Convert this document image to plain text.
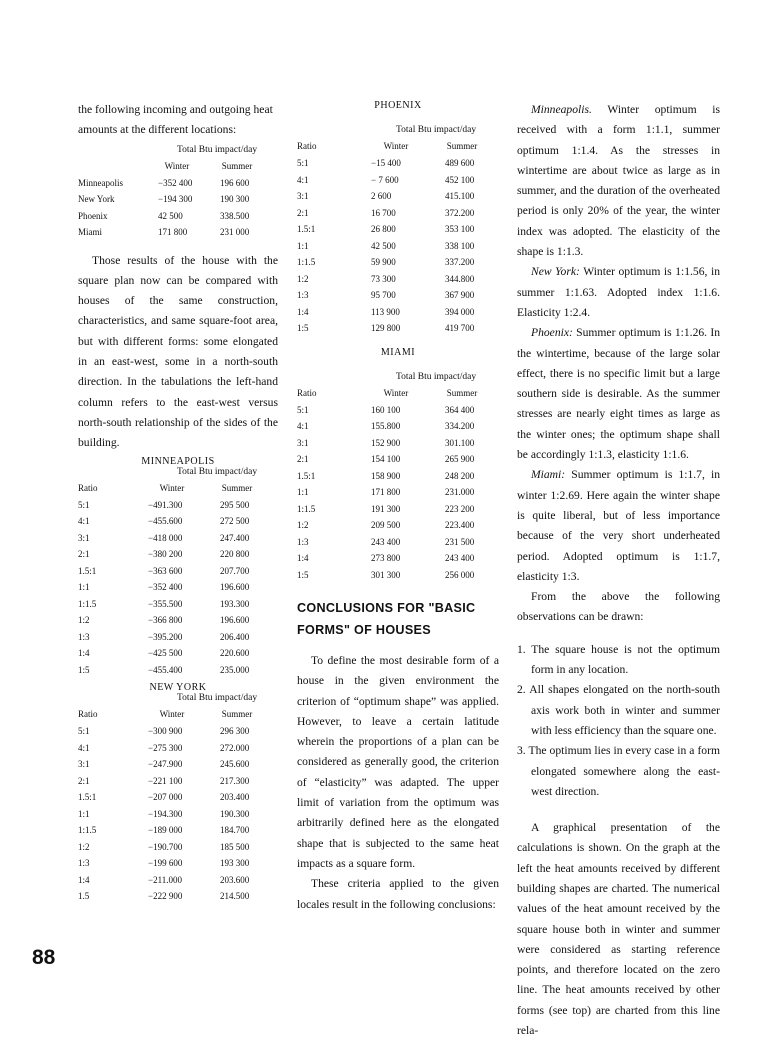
88

the following incoming and outgoing heat amounts at the different locations:

Total Btu impact/day
	Winter	Summer
Minneapolis	−352 400	196 600
New York	−194 300	190 300
Phoenix	42 500	338.500
Miami	171 800	231 000

Those results of the house with the square plan now can be compared with houses of the same construction, characteristics, and same square-foot area, but with different forms: some elongated in an east-west, some in a north-south direction. In the tabulations the left-hand column refers to the east-west versus north-south relationship of the sides of the building.

MINNEAPOLIS
Total Btu impact/day
Ratio	Winter	Summer
5:1	−491.300	295 500
4:1	−455.600	272 500
3:1	−418 000	247.400
2:1	−380 200	220 800
1.5:1	−363 600	207.700
1:1	−352 400	196.600
1:1.5	−355.500	193.300
1:2	−366 800	196.600
1:3	−395.200	206.400
1:4	−425 500	220.600
1:5	−455.400	235.000
NEW YORK
Total Btu impact/day
Ratio	Winter	Summer
5:1	−300 900	296 300
4:1	−275 300	272.000
3:1	−247.900	245.600
2:1	−221 100	217.300
1.5:1	−207 000	203.400
1:1	−194.300	190.300
1:1.5	−189 000	184.700
1:2	−190.700	185 500
1:3	−199 600	193 300
1:4	−211.000	203.600
1.5	−222 900	214.500
PHOENIX
Total Btu impact/day
Ratio	Winter	Summer
5:1	−15 400	489 600
4:1	− 7 600	452 100
3:1	2 600	415.100
2:1	16 700	372.200
1.5:1	26 800	353 100
1:1	42 500	338 100
1:1.5	59 900	337.200
1:2	73 300	344.800
1:3	95 700	367 900
1:4	113 900	394 000
1:5	129 800	419 700
MIAMI
Total Btu impact/day
Ratio	Winter	Summer
5:1	160 100	364 400
4:1	155.800	334.200
3:1	152 900	301.100
2:1	154 100	265 900
1.5:1	158 900	248 200
1:1	171 800	231.000
1:1.5	191 300	223 200
1:2	209 500	223.400
1:3	243 400	231 500
1:4	273 800	243 400
1:5	301 300	256 000
CONCLUSIONS FOR "BASIC FORMS" OF HOUSES

To define the most desirable form of a house in the given environment the criterion of “optimum shape” was applied. However, to leave a certain latitude wherein the proportions of a plan can be considered as generally good, the criterion of “elasticity” was adapted. The upper limit of variation from the optimum was arbitrarily defined here as the elongated shape that is subjected to the same heat impacts as a square form.

These criteria applied to the given locales result in the following conclusions:

Minneapolis. Winter optimum is received with a form 1:1.1, summer optimum 1:1.4. As the stresses in wintertime are about twice as large as in summer, and the duration of the overheated period is only 20% of the year, the winter index was adopted. The elasticity of the shape is 1:1.3.

New York: Winter optimum is 1:1.56, in summer 1:1.63. Adopted index 1:1.6. Elasticity 1:2.4.

Phoenix: Summer optimum is 1:1.26. In the wintertime, because of the large solar effect, there is no specific limit but a large southern side is desirable. As the summer stresses are nearly eight times as large as the winter ones; the optimum shape shall be accordingly 1:1.3, elasticity 1:1.6.

Miami: Summer optimum is 1:1.7, in winter 1:2.69. Here again the winter shape is quite liberal, but of less importance because of the very short underheated period. Adopted optimum is 1:1.7, elasticity 1:3.

From the above the following observations can be drawn:

1. The square house is not the optimum form in any location.

2. All shapes elongated on the north-south axis work both in winter and summer with less efficiency than the square one.

3. The optimum lies in every case in a form elongated somewhere along the east-west direction.

A graphical presentation of the calculations is shown. On the graph at the left the heat amounts received by different building shapes are charted. The numerical values of the heat amount received by the square house both in winter and summer were considered as starting reference points, and therefore located on the zero line. The heat amounts received by other forms (see top) are charted from this line rela-
